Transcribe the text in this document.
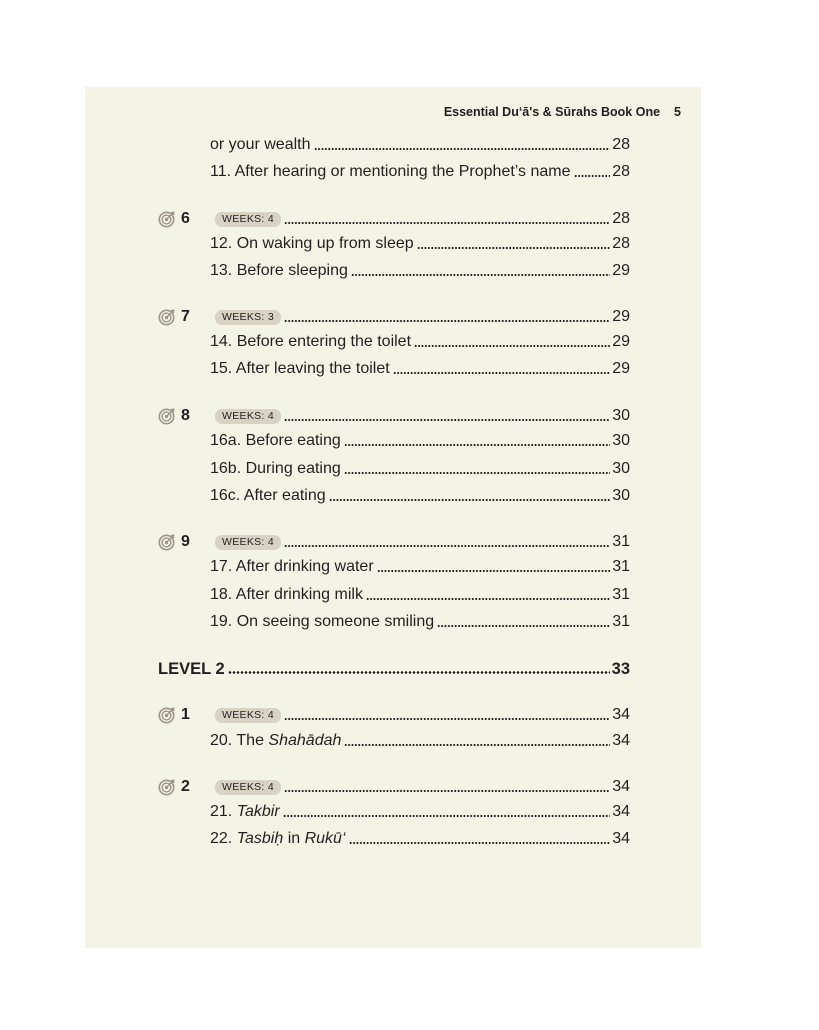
Essential Du‘ā's & Sūrahs Book One 5
or your wealth	28
11. After hearing or mentioning the Prophet’s name	28
6	WEEKS: 4	28
12. On waking up from sleep	28
13. Before sleeping	29
7	WEEKS: 3	29
14. Before entering the toilet	29
15. After leaving the toilet	29
8	WEEKS: 4	30
16a. Before eating	30
16b. During eating	30
16c. After eating	30
9	WEEKS: 4	31
17. After drinking water	31
18. After drinking milk	31
19. On seeing someone smiling	31
LEVEL 2	33
1	WEEKS: 4	34
20. The Shahādah	34
2	WEEKS: 4	34
21. Takbir	34
22. Tasbiḥ in Rukū‘	34
